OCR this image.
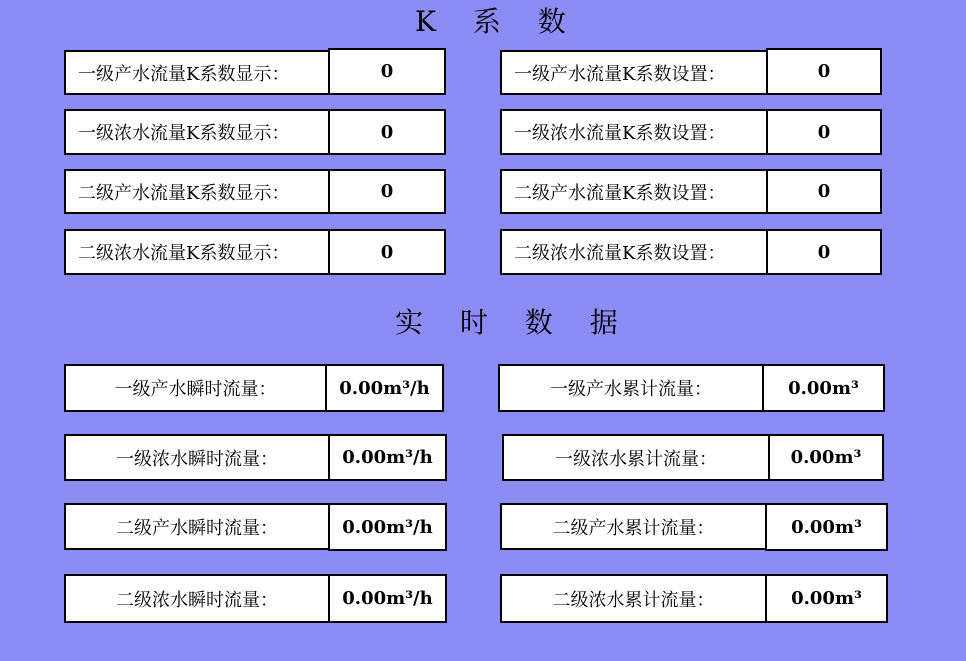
K 系 数
实 时 数 据
一级产水流量K系数显示：	0
一级浓水流量K系数显示：	0
二级产水流量K系数显示：	0
二级浓水流量K系数显示：	0
一级产水流量K系数设置：	0
一级浓水流量K系数设置：	0
二级产水流量K系数设置：	0
二级浓水流量K系数设置：	0
一级产水瞬时流量：	0.00m³/h
一级浓水瞬时流量：	0.00m³/h
二级产水瞬时流量：	0.00m³/h
二级浓水瞬时流量：	0.00m³/h
一级产水累计流量：	0.00m³
一级浓水累计流量：	0.00m³
二级产水累计流量：	0.00m³
二级浓水累计流量：	0.00m³
